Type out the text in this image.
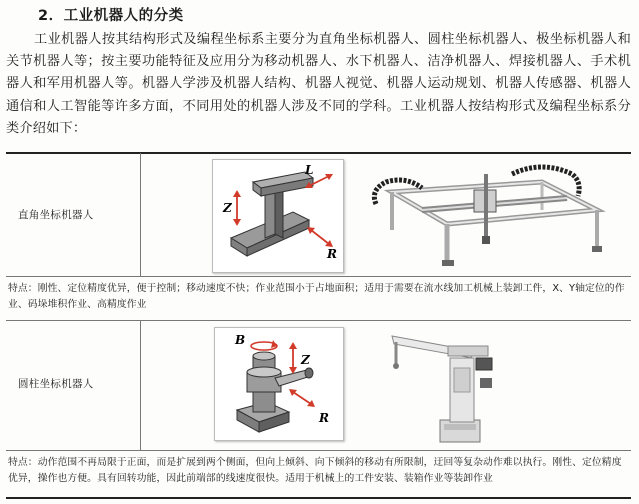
2．工业机器人的分类
工业机器人按其结构形式及编程坐标系主要分为直角坐标机器人、圆柱坐标机器人、极坐标机器人和关节机器人等；按主要功能特征及应用分为移动机器人、水下机器人、洁净机器人、焊接机器人、手术机器人和军用机器人等。机器人学涉及机器人结构、机器人视觉、机器人运动规划、机器人传感器、机器人通信和人工智能等许多方面，不同用处的机器人涉及不同的学科。工业机器人按结构形式及编程坐标系分类介绍如下：
直角坐标机器人
L
Z
R
特点：刚性、定位精度优异，便于控制；移动速度不快；作业范围小于占地面积；适用于需要在流水线加工机械上装卸工件，X、Y轴定位的作业、码垛堆积作业、高精度作业
圆柱坐标机器人
B
Z
R
特点：动作范围不再局限于正面，而是扩展到两个侧面，但向上倾斜、向下倾斜的移动有所限制，迂回等复杂动作难以执行。刚性、定位精度优异，操作也方便。具有回转功能，因此前端部的线速度很快。适用于机械上的工件安装、装箱作业等装卸作业
